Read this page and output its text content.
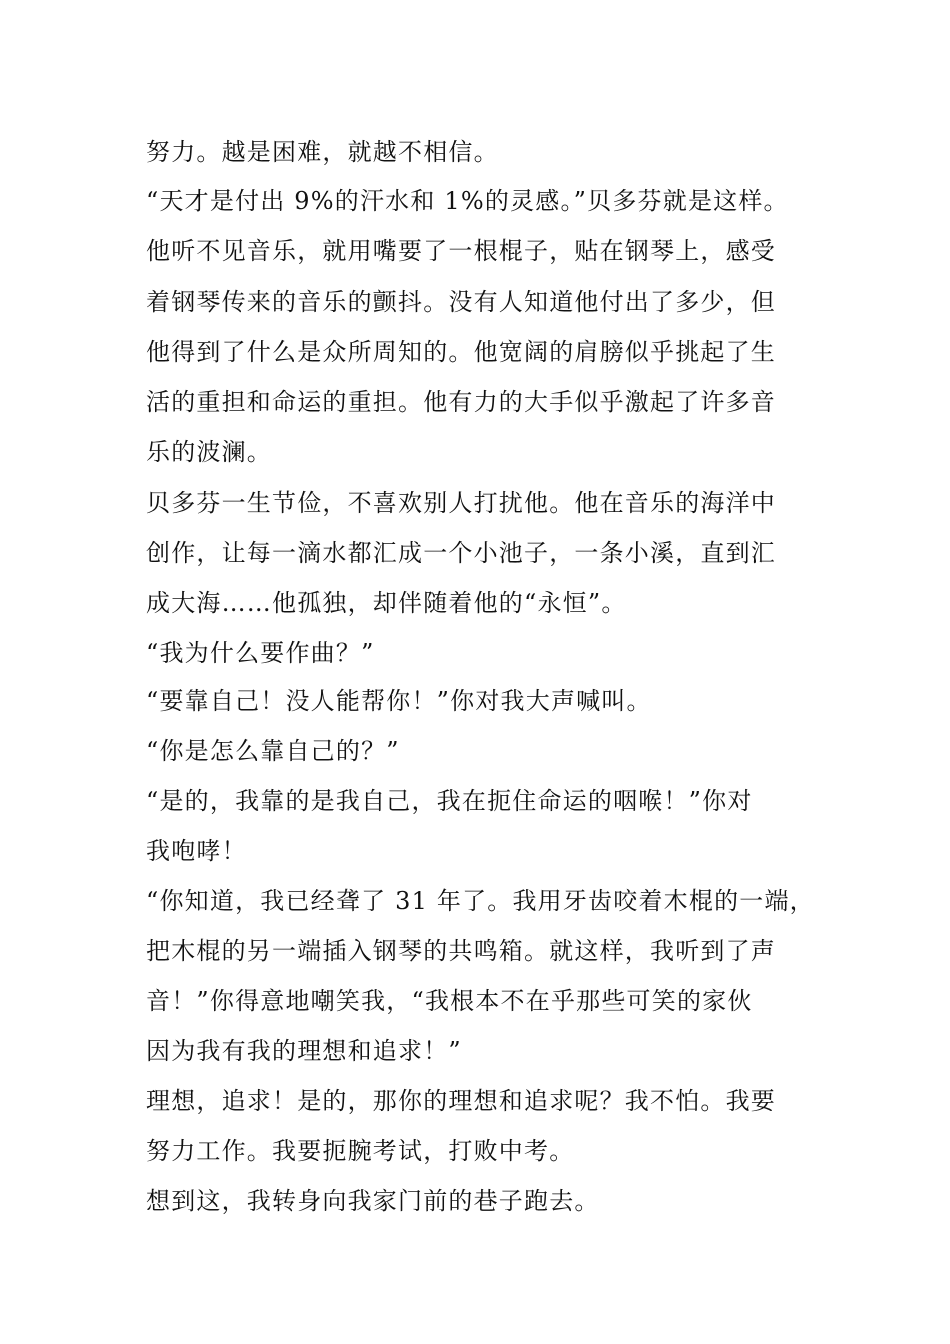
努力。越是困难，就越不相信。
“天才是付出 9%的汗水和 1%的灵感。”贝多芬就是这样。
他听不见音乐，就用嘴要了一根棍子，贴在钢琴上，感受
着钢琴传来的音乐的颤抖。没有人知道他付出了多少，但
他得到了什么是众所周知的。他宽阔的肩膀似乎挑起了生
活的重担和命运的重担。他有力的大手似乎激起了许多音
乐的波澜。
贝多芬一生节俭，不喜欢别人打扰他。他在音乐的海洋中
创作，让每一滴水都汇成一个小池子，一条小溪，直到汇
成大海……他孤独，却伴随着他的“永恒”。
“我为什么要作曲？”
“要靠自己！没人能帮你！”你对我大声喊叫。
“你是怎么靠自己的？”
“是的，我靠的是我自己，我在扼住命运的咽喉！”你对
我咆哮！
“你知道，我已经聋了 31 年了。我用牙齿咬着木棍的一端，
把木棍的另一端插入钢琴的共鸣箱。就这样，我听到了声
音！”你得意地嘲笑我，“我根本不在乎那些可笑的家伙
因为我有我的理想和追求！”
理想，追求！是的，那你的理想和追求呢？我不怕。我要
努力工作。我要扼腕考试，打败中考。
想到这，我转身向我家门前的巷子跑去。
